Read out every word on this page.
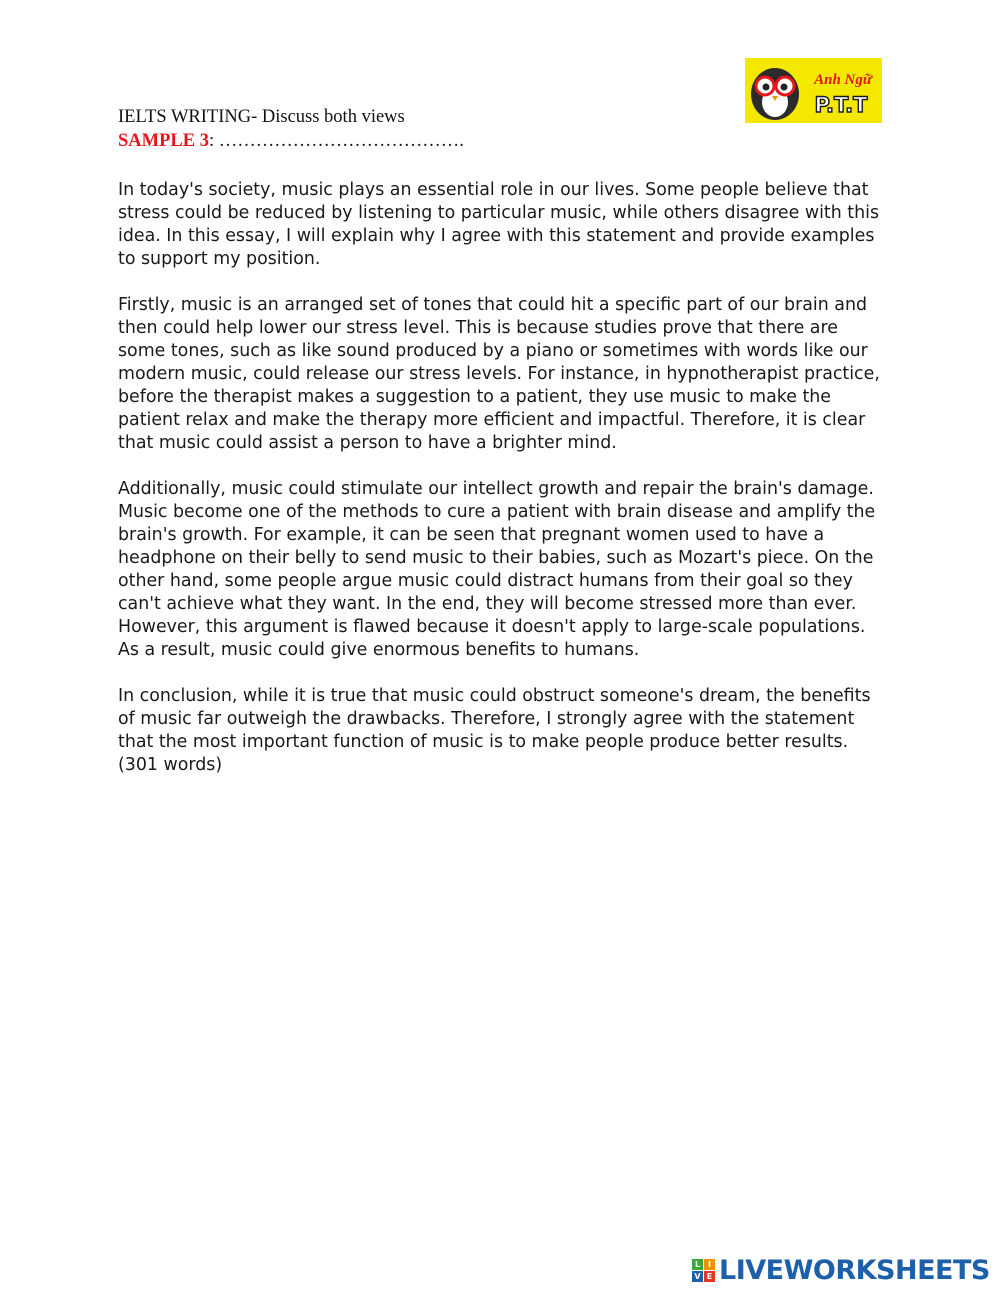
Anh Ngữ
P.T.T
IELTS WRITING- Discuss both views
SAMPLE 3: ………………………………….

In today's society, music plays an essential role in our lives. Some people believe that stress could be reduced by listening to particular music, while others disagree with this idea. In this essay, I will explain why I agree with this statement and provide examples to support my position.

Firstly, music is an arranged set of tones that could hit a specific part of our brain and then could help lower our stress level. This is because studies prove that there are some tones, such as like sound produced by a piano or sometimes with words like our modern music, could release our stress levels. For instance, in hypnotherapist practice, before the therapist makes a suggestion to a patient, they use music to make the patient relax and make the therapy more efficient and impactful. Therefore, it is clear that music could assist a person to have a brighter mind.

Additionally, music could stimulate our intellect growth and repair the brain's damage. Music become one of the methods to cure a patient with brain disease and amplify the brain's growth. For example, it can be seen that pregnant women used to have a headphone on their belly to send music to their babies, such as Mozart's piece. On the other hand, some people argue music could distract humans from their goal so they can't achieve what they want. In the end, they will become stressed more than ever. However, this argument is flawed because it doesn't apply to large-scale populations. As a result, music could give enormous benefits to humans.

In conclusion, while it is true that music could obstruct someone's dream, the benefits of music far outweigh the drawbacks. Therefore, I strongly agree with the statement that the most important function of music is to make people produce better results. (301 words)

L I
V E LIVEWORKSHEETS
